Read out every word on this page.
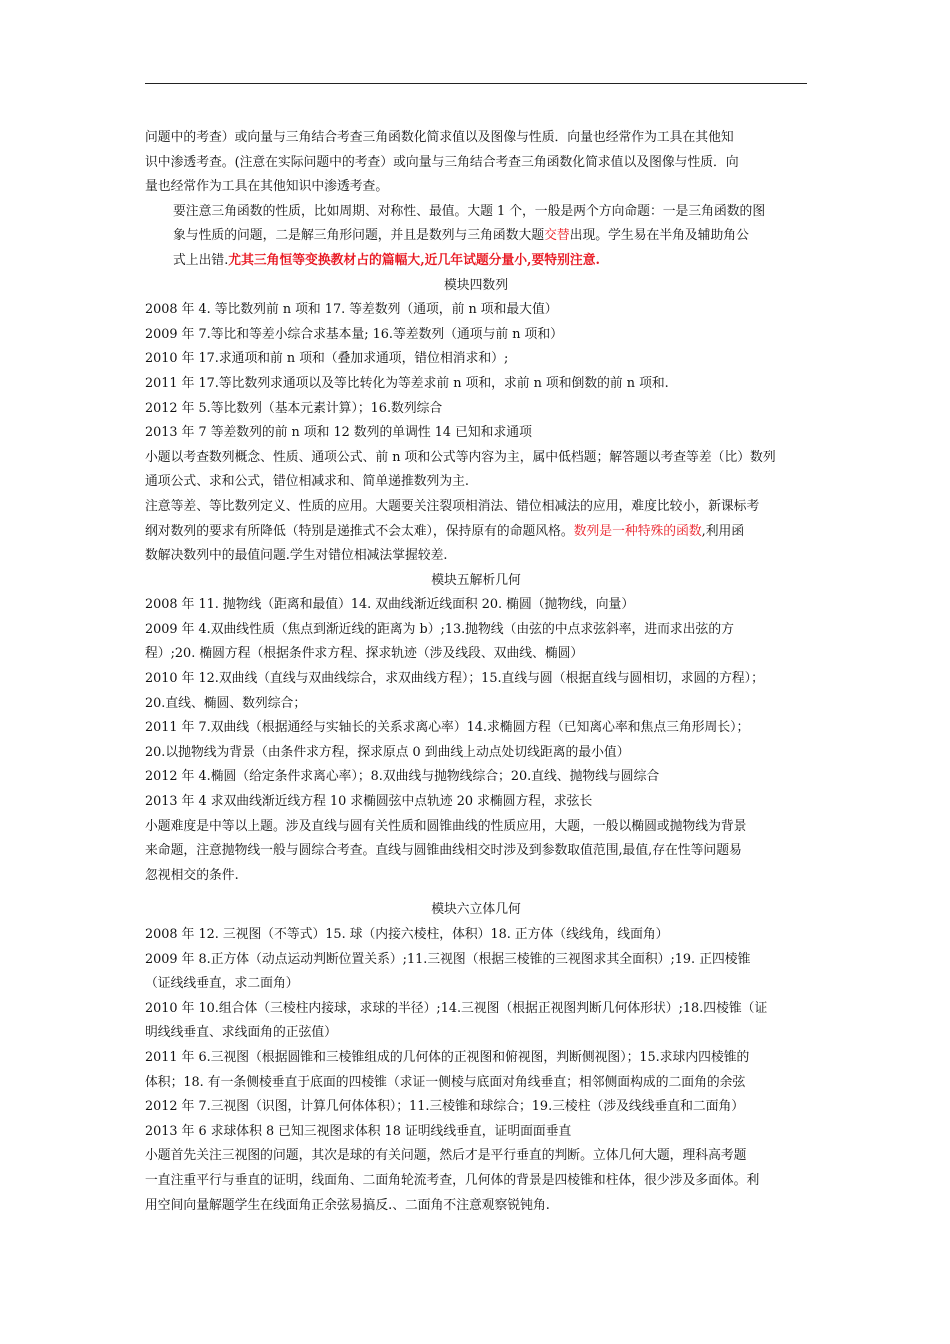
问题中的考查）或向量与三角结合考查三角函数化简求值以及图像与性质．向量也经常作为工具在其他知
识中渗透考查。(注意在实际问题中的考查）或向量与三角结合考查三角函数化简求值以及图像与性质．向
量也经常作为工具在其他知识中渗透考查。
要注意三角函数的性质，比如周期、对称性、最值。大题 1 个，一般是两个方向命题：一是三角函数的图
象与性质的问题，二是解三角形问题，并且是数列与三角函数大题交替出现。学生易在半角及辅助角公
式上出错.尤其三角恒等变换教材占的篇幅大,近几年试题分量小,要特别注意.
模块四数列
2008 年 4. 等比数列前 n 项和 17. 等差数列（通项，前 n 项和最大值）
2009 年 7.等比和等差小综合求基本量; 16.等差数列（通项与前 n 项和）
2010 年 17.求通项和前 n 项和（叠加求通项，错位相消求和）;
2011 年 17.等比数列求通项以及等比转化为等差求前 n 项和，求前 n 项和倒数的前 n 项和.
2012 年 5.等比数列（基本元素计算）；16.数列综合
2013 年 7 等差数列的前 n 项和 12 数列的单调性 14 已知和求通项
小题以考查数列概念、性质、通项公式、前 n 项和公式等内容为主，属中低档题；解答题以考查等差（比）数列
通项公式、求和公式，错位相减求和、简单递推数列为主.
注意等差、等比数列定义、性质的应用。大题要关注裂项相消法、错位相减法的应用，难度比较小，新课标考
纲对数列的要求有所降低（特别是递推式不会太难），保持原有的命题风格。数列是一种特殊的函数,利用函
数解决数列中的最值问题.学生对错位相减法掌握较差.
模块五解析几何
2008 年 11. 抛物线（距离和最值）14. 双曲线渐近线面积 20. 椭圆（抛物线，向量）
2009 年 4.双曲线性质（焦点到渐近线的距离为 b）;13.抛物线（由弦的中点求弦斜率，进而求出弦的方
程）;20. 椭圆方程（根据条件求方程、探求轨迹（涉及线段、双曲线、椭圆）
2010 年 12.双曲线（直线与双曲线综合，求双曲线方程）；15.直线与圆（根据直线与圆相切，求圆的方程）；
20.直线、椭圆、数列综合；
2011 年 7.双曲线（根据通经与实轴长的关系求离心率）14.求椭圆方程（已知离心率和焦点三角形周长）；
20.以抛物线为背景（由条件求方程，探求原点 0 到曲线上动点处切线距离的最小值）
2012 年 4.椭圆（给定条件求离心率）；8.双曲线与抛物线综合；20.直线、抛物线与圆综合
2013 年 4 求双曲线渐近线方程 10 求椭圆弦中点轨迹 20 求椭圆方程，求弦长
小题难度是中等以上题。涉及直线与圆有关性质和圆锥曲线的性质应用，大题，一般以椭圆或抛物线为背景
来命题，注意抛物线一般与圆综合考查。直线与圆锥曲线相交时涉及到参数取值范围,最值,存在性等问题易
忽视相交的条件.
模块六立体几何
2008 年 12. 三视图（不等式）15. 球（内接六棱柱，体积）18. 正方体（线线角，线面角）
2009 年 8.正方体（动点运动判断位置关系）;11.三视图（根据三棱锥的三视图求其全面积）;19. 正四棱锥
（证线线垂直，求二面角）
2010 年 10.组合体（三棱柱内接球，求球的半径）;14.三视图（根据正视图判断几何体形状）;18.四棱锥（证
明线线垂直、求线面角的正弦值）
2011 年 6.三视图（根据圆锥和三棱锥组成的几何体的正视图和俯视图，判断侧视图）；15.求球内四棱锥的
体积；18. 有一条侧棱垂直于底面的四棱锥（求证一侧棱与底面对角线垂直；相邻侧面构成的二面角的余弦
2012 年 7.三视图（识图，计算几何体体积）；11.三棱锥和球综合；19.三棱柱（涉及线线垂直和二面角）
2013 年 6 求球体积 8 已知三视图求体积 18 证明线线垂直，证明面面垂直
小题首先关注三视图的问题，其次是球的有关问题，然后才是平行垂直的判断。立体几何大题，理科高考题
一直注重平行与垂直的证明，线面角、二面角轮流考查，几何体的背景是四棱锥和柱体，很少涉及多面体。利
用空间向量解题学生在线面角正余弦易搞反.、二面角不注意观察锐钝角.
